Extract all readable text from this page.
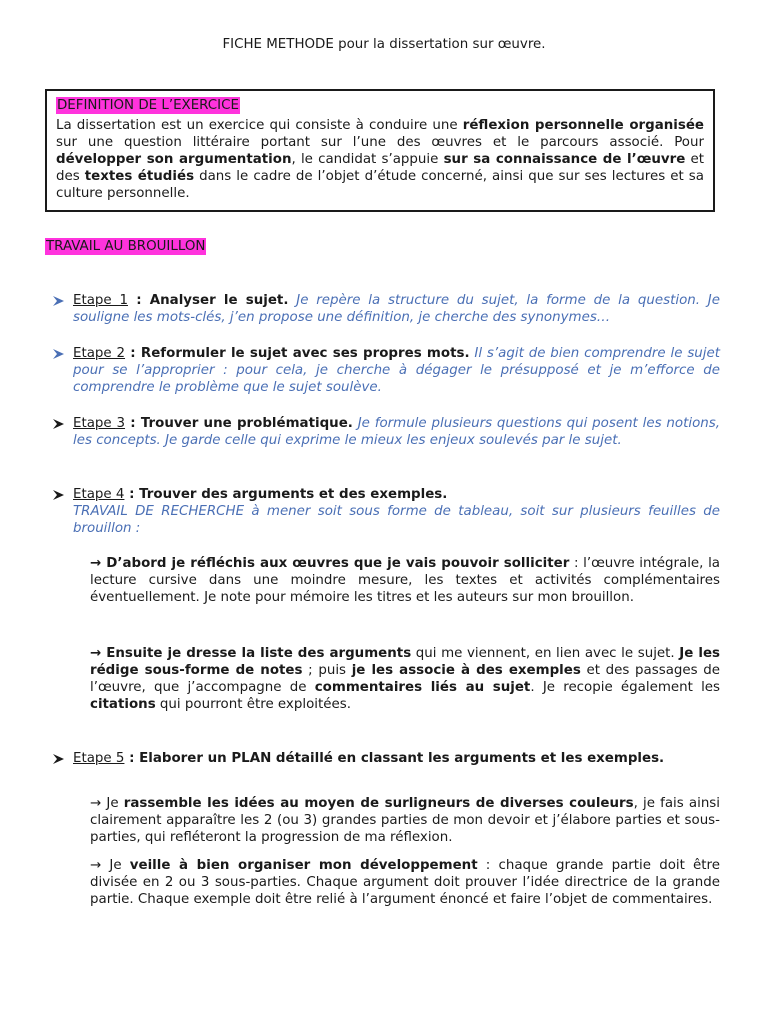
FICHE METHODE pour la dissertation sur œuvre.
DEFINITION DE L’EXERCICE
La dissertation est un exercice qui consiste à conduire une réflexion personnelle organisée sur une question littéraire portant sur l’une des œuvres et le parcours associé. Pour développer son argumentation, le candidat s’appuie sur sa connaissance de l’œuvre et des textes étudiés dans le cadre de l’objet d’étude concerné, ainsi que sur ses lectures et sa culture personnelle.
TRAVAIL AU BROUILLON
Etape 1 : Analyser le sujet. Je repère la structure du sujet, la forme de la question. Je souligne les mots-clés, j’en propose une définition, je cherche des synonymes…
Etape 2 : Reformuler le sujet avec ses propres mots. Il s’agit de bien comprendre le sujet pour se l’approprier : pour cela, je cherche à dégager le présupposé et je m’efforce de comprendre le problème que le sujet soulève.
Etape 3 : Trouver une problématique. Je formule plusieurs questions qui posent les notions, les concepts. Je garde celle qui exprime le mieux les enjeux soulevés par le sujet.
Etape 4 : Trouver des arguments et des exemples.
TRAVAIL DE RECHERCHE à mener soit sous forme de tableau, soit sur plusieurs feuilles de brouillon :
→ D’abord je réfléchis aux œuvres que je vais pouvoir solliciter : l’œuvre intégrale, la lecture cursive dans une moindre mesure, les textes et activités complémentaires éventuellement. Je note pour mémoire les titres et les auteurs sur mon brouillon.
→ Ensuite je dresse la liste des arguments qui me viennent, en lien avec le sujet. Je les rédige sous-forme de notes ; puis je les associe à des exemples et des passages de l’œuvre, que j’accompagne de commentaires liés au sujet. Je recopie également les citations qui pourront être exploitées.
Etape 5 : Elaborer un PLAN détaillé en classant les arguments et les exemples.
→ Je rassemble les idées au moyen de surligneurs de diverses couleurs, je fais ainsi clairement apparaître les 2 (ou 3) grandes parties de mon devoir et j’élabore parties et sous-parties, qui refléteront la progression de ma réflexion.
→ Je veille à bien organiser mon développement : chaque grande partie doit être divisée en 2 ou 3 sous-parties. Chaque argument doit prouver l’idée directrice de la grande partie. Chaque exemple doit être relié à l’argument énoncé et faire l’objet de commentaires.
